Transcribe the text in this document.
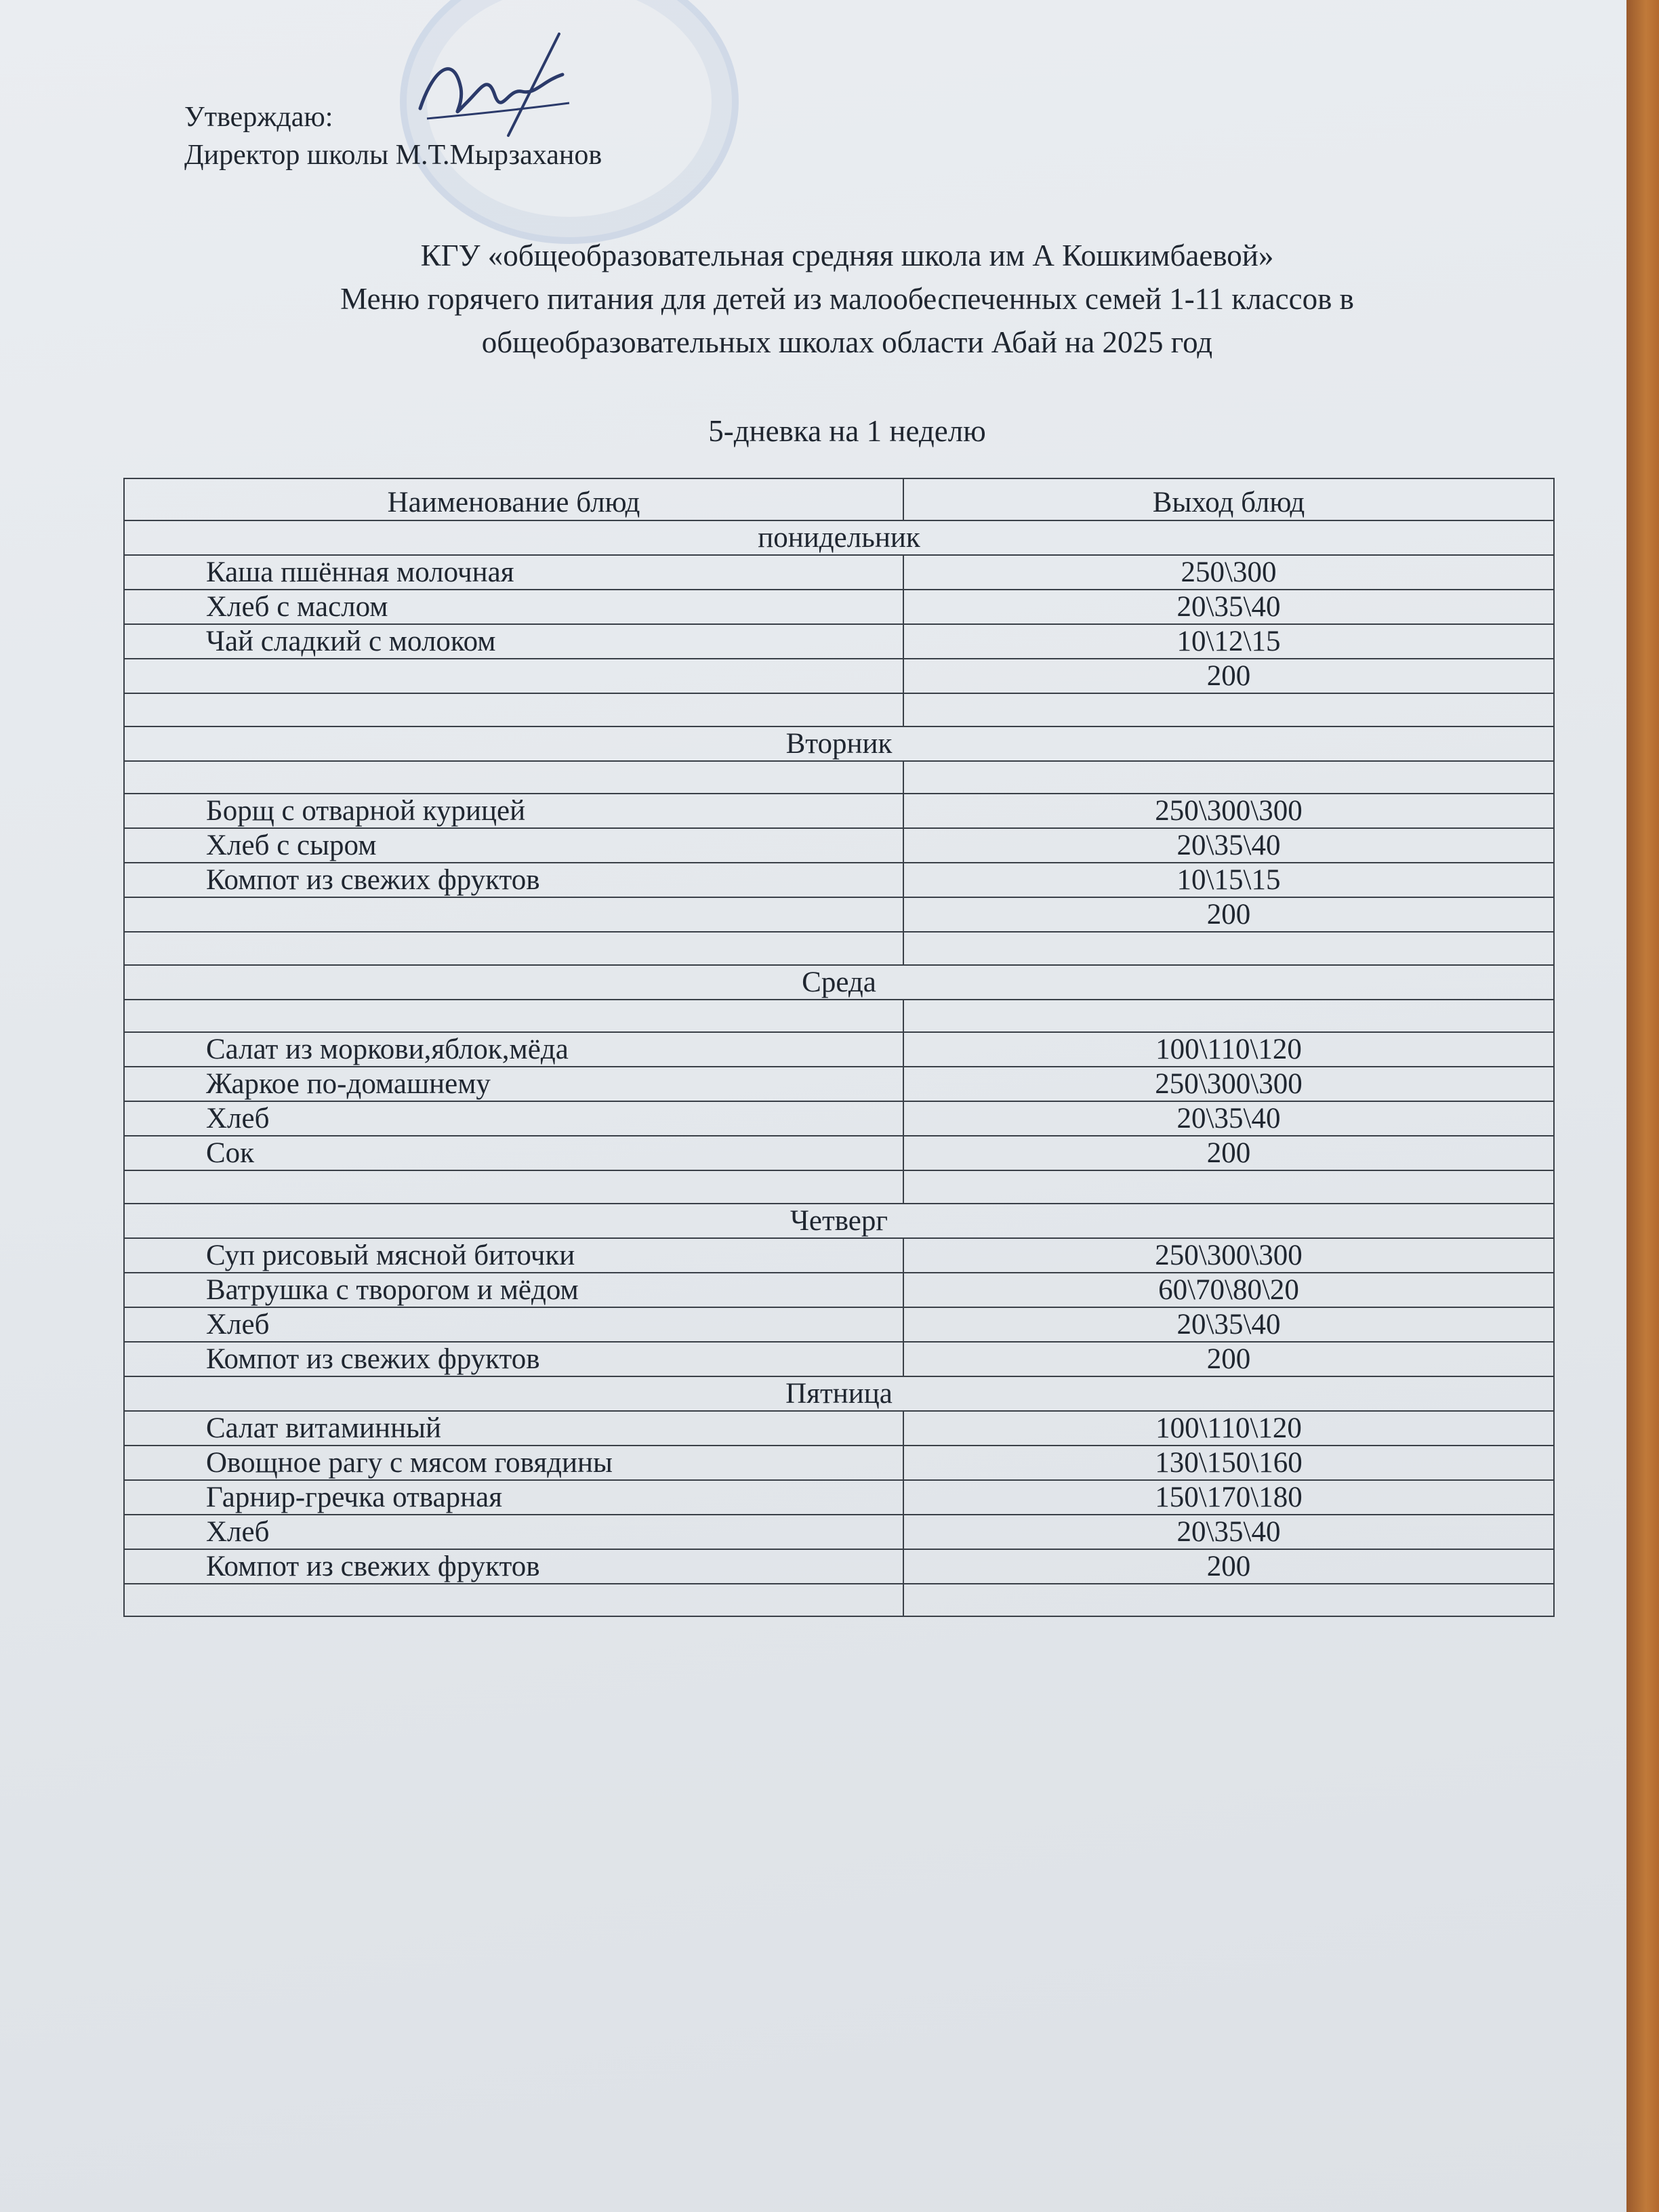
Утверждаю:
Директор школы М.Т.Мырзаханов
КГУ «общеобразовательная средняя школа им А Кошкимбаевой»
Меню горячего питания для детей из малообеспеченных семей 1-11 классов в
общеобразовательных школах области Абай на 2025 год
5-дневка на 1 неделю
Наименование блюд	Выход блюд
понидельник	
Каша пшённая молочная	250\300
Хлеб с маслом	20\35\40
Чай сладкий с молоком	10\12\15
	200

Вторник	

Борщ с отварной курицей	250\300\300
Хлеб с сыром	20\35\40
Компот из свежих фруктов	10\15\15
	200

Среда	

Салат из моркови,яблок,мёда	100\110\120
Жаркое по-домашнему	250\300\300
Хлеб	20\35\40
Сок	200

Четверг	
Суп рисовый мясной биточки	250\300\300
Ватрушка с творогом и мёдом	60\70\80\20
Хлеб	20\35\40
Компот из свежих фруктов	200
Пятница	
Салат витаминный	100\110\120
Овощное рагу с мясом говядины	130\150\160
Гарнир-гречка отварная	150\170\180
Хлеб	20\35\40
Компот из свежих фруктов	200
